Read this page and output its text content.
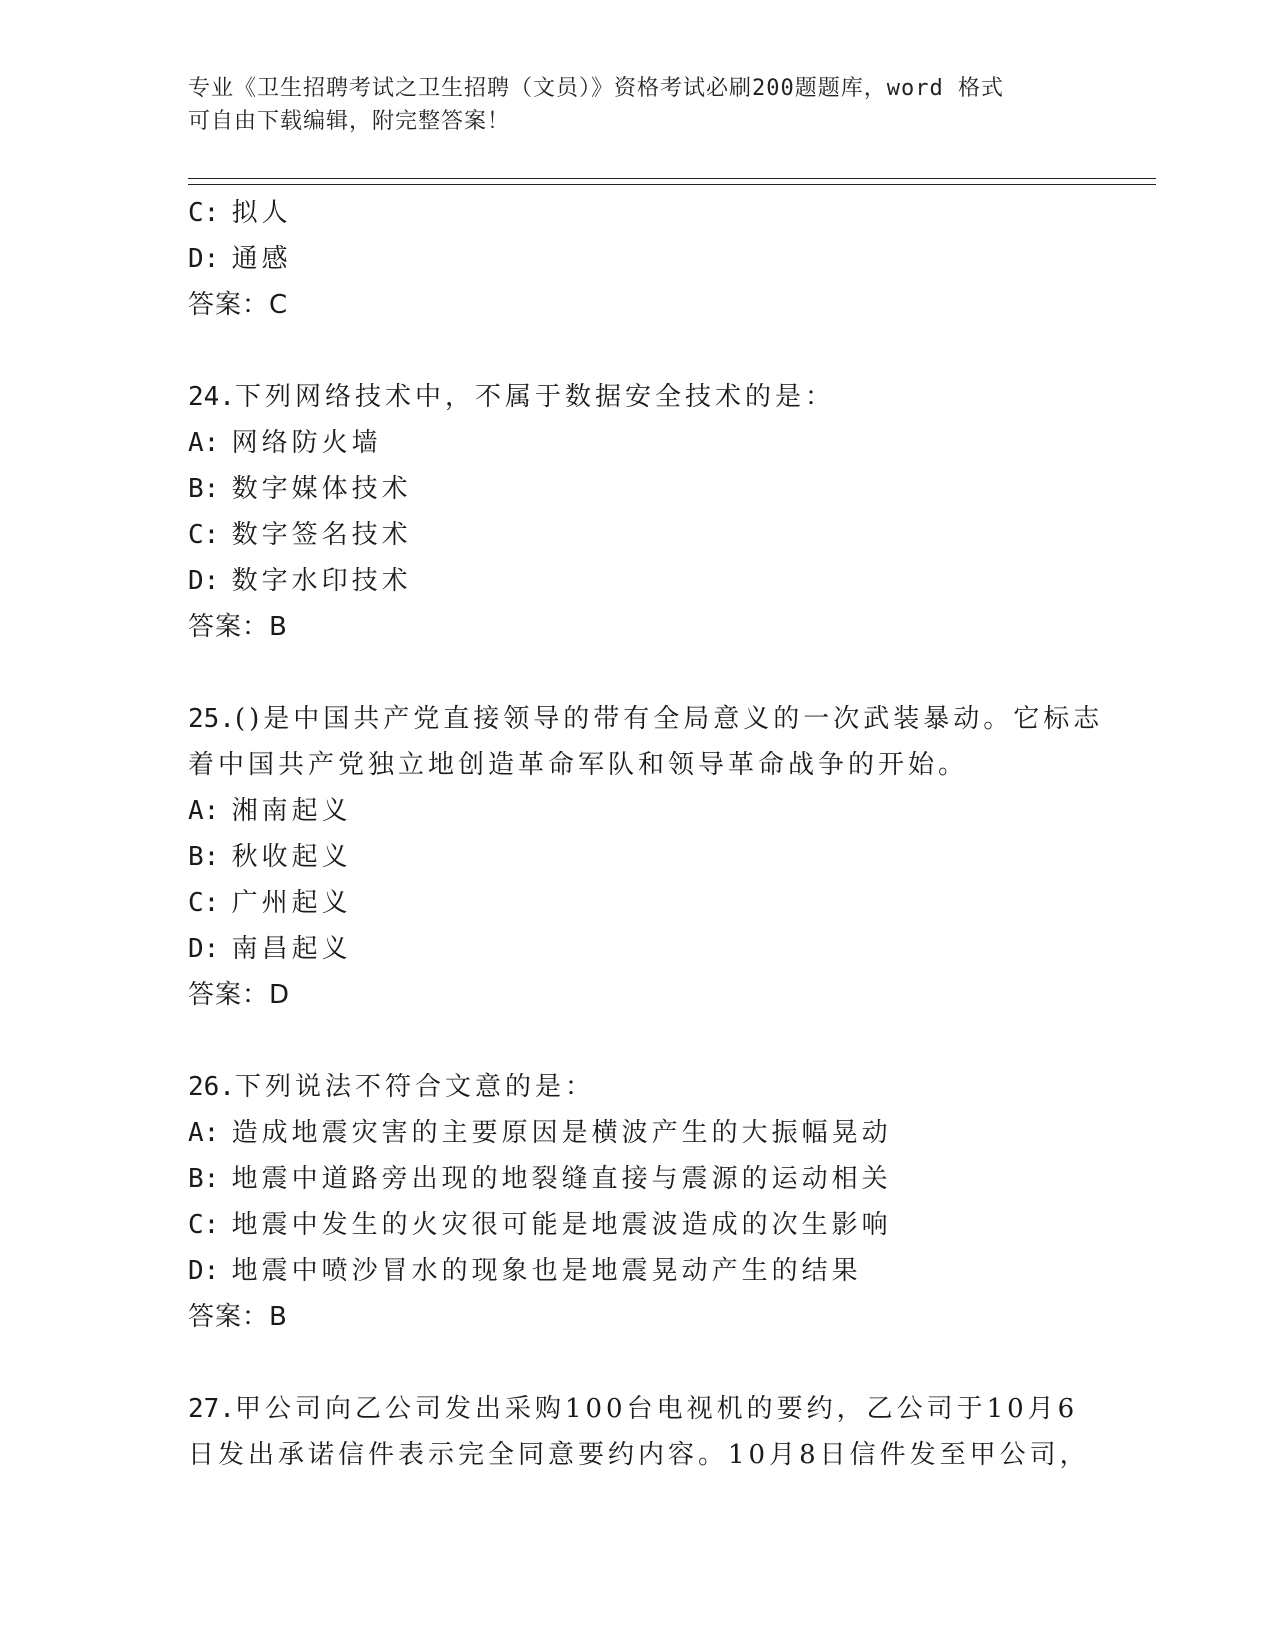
专业《卫生招聘考试之卫生招聘（文员）》资格考试必刷200题题库，word 格式
可自由下载编辑，附完整答案！
C: 拟人
D: 通感
答案：C
24.下列网络技术中，不属于数据安全技术的是：
A: 网络防火墙
B: 数字媒体技术
C: 数字签名技术
D: 数字水印技术
答案：B
25.()是中国共产党直接领导的带有全局意义的一次武装暴动。它标志
着中国共产党独立地创造革命军队和领导革命战争的开始。
A: 湘南起义
B: 秋收起义
C: 广州起义
D: 南昌起义
答案：D
26.下列说法不符合文意的是：
A: 造成地震灾害的主要原因是横波产生的大振幅晃动
B: 地震中道路旁出现的地裂缝直接与震源的运动相关
C: 地震中发生的火灾很可能是地震波造成的次生影响
D: 地震中喷沙冒水的现象也是地震晃动产生的结果
答案：B
27.甲公司向乙公司发出采购100台电视机的要约，乙公司于10月6
日发出承诺信件表示完全同意要约内容。10月8日信件发至甲公司，
